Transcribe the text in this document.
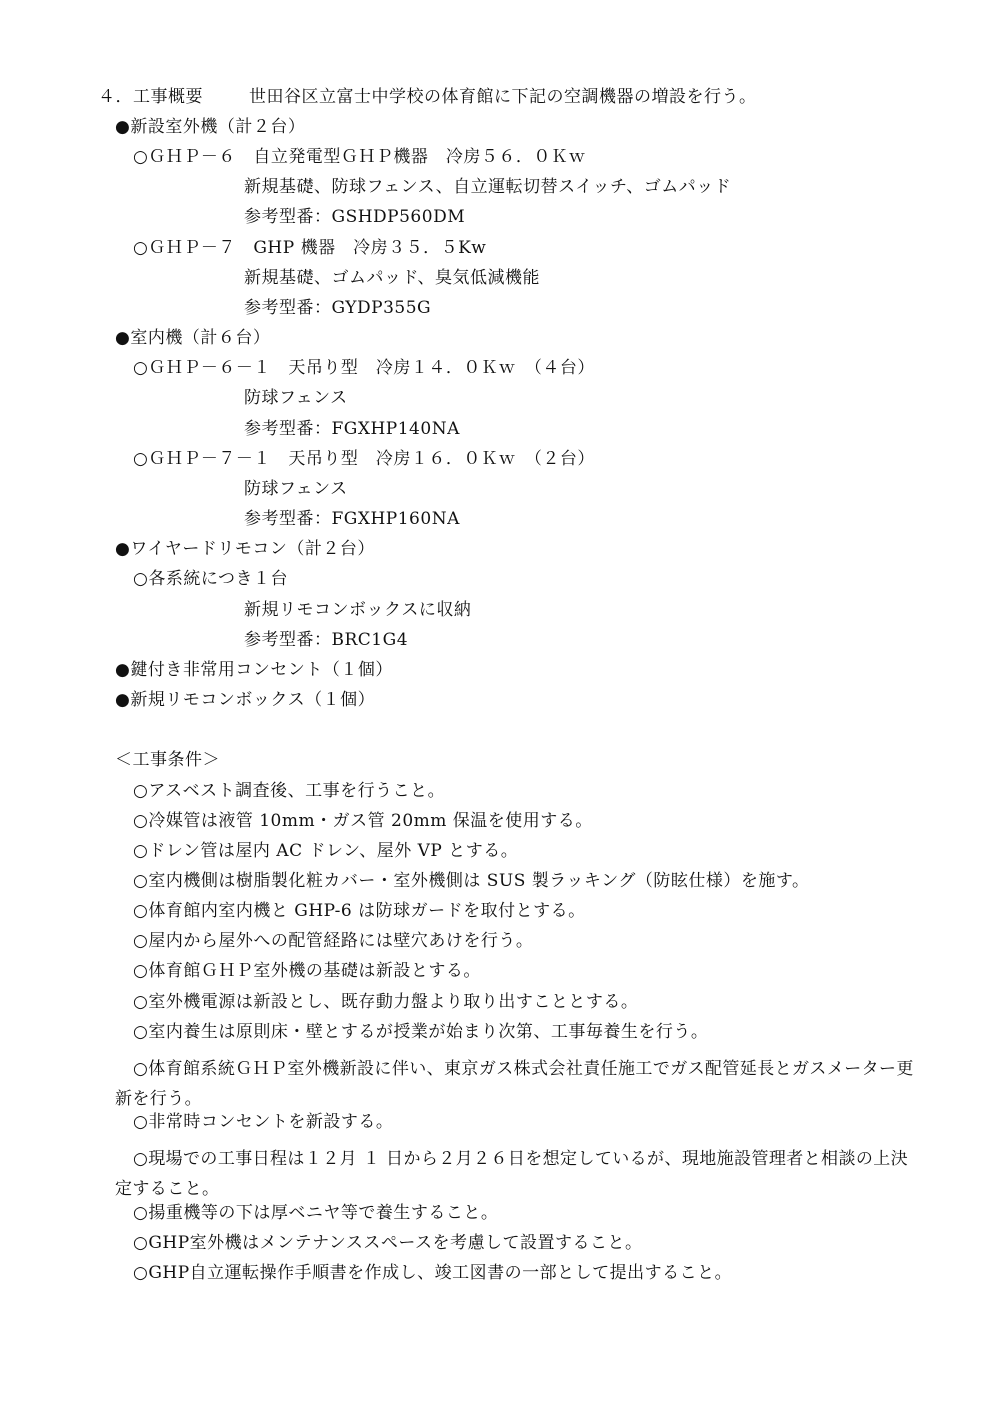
４．工事概要	世田谷区立富士中学校の体育館に下記の空調機器の増設を行う。
●新設室外機（計２台）
○ＧＨＰ－６　自立発電型ＧＨＰ機器　冷房５６．０Ｋｗ
新規基礎、防球フェンス、自立運転切替スイッチ、ゴムパッド
参考型番：GSHDP560DM
○ＧＨＰ－７　GHP 機器　冷房３５．５Kw
新規基礎、ゴムパッド、臭気低減機能
参考型番：GYDP355G
●室内機（計６台）
○ＧＨＰ－６－１　天吊り型　冷房１４．０Ｋｗ　（４台）
防球フェンス
参考型番：FGXHP140NA
○ＧＨＰ－７－１　天吊り型　冷房１６．０Ｋｗ　（２台）
防球フェンス
参考型番：FGXHP160NA
●ワイヤードリモコン（計２台）
○各系統につき１台
新規リモコンボックスに収納
参考型番：BRC1G4
●鍵付き非常用コンセント（１個）
●新規リモコンボックス（１個）
＜工事条件＞
○アスベスト調査後、工事を行うこと。
○冷媒管は液管 10mm・ガス管 20mm 保温を使用する。
○ドレン管は屋内 AC ドレン、屋外 VP とする。
○室内機側は樹脂製化粧カバー・室外機側は SUS 製ラッキング（防眩仕様）を施す。
○体育館内室内機と GHP-6 は防球ガードを取付とする。
○屋内から屋外への配管経路には壁穴あけを行う。
○体育館ＧＨＰ室外機の基礎は新設とする。
○室外機電源は新設とし、既存動力盤より取り出すこととする。
○室内養生は原則床・壁とするが授業が始まり次第、工事毎養生を行う。
○体育館系統ＧＨＰ室外機新設に伴い、東京ガス株式会社責任施工でガス配管延長とガスメーター更新を行う。
○非常時コンセントを新設する。
○現場での工事日程は１２月 １ 日から２月２６日を想定しているが、現地施設管理者と相談の上決定すること。
○揚重機等の下は厚ベニヤ等で養生すること。
○GHP室外機はメンテナンススペースを考慮して設置すること。
○GHP自立運転操作手順書を作成し、竣工図書の一部として提出すること。
